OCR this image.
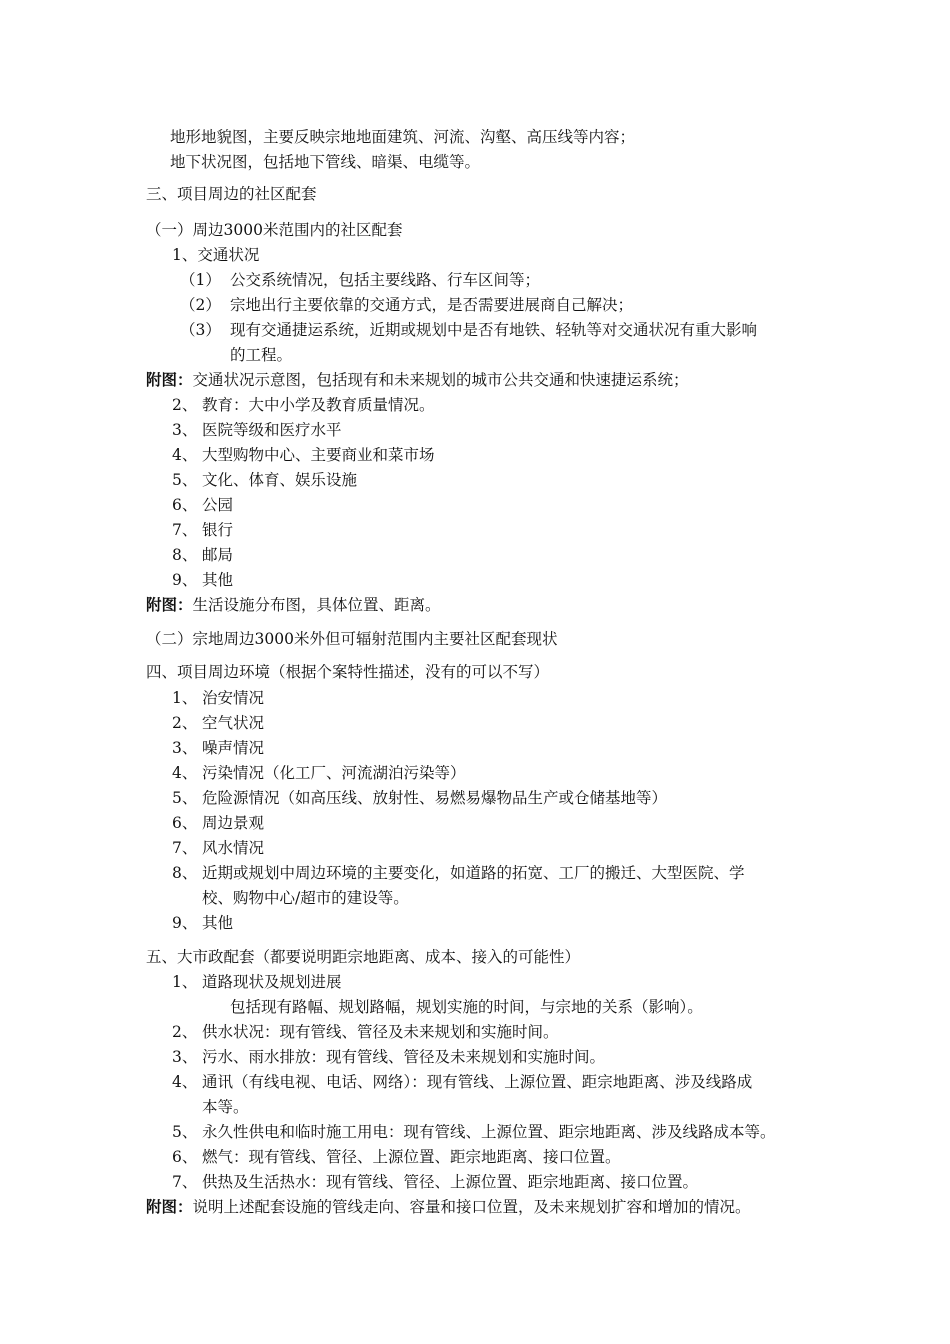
地形地貌图，主要反映宗地地面建筑、河流、沟壑、高压线等内容；
地下状况图，包括地下管线、暗渠、电缆等。
三、项目周边的社区配套
（一）周边3000米范围内的社区配套
1、交通状况
（1） 公交系统情况，包括主要线路、行车区间等；
（2） 宗地出行主要依靠的交通方式，是否需要进展商自己解决；
（3） 现有交通捷运系统，近期或规划中是否有地铁、轻轨等对交通状况有重大影响
的工程。
附图：交通状况示意图，包括现有和未来规划的城市公共交通和快速捷运系统；
2、 教育：大中小学及教育质量情况。
3、 医院等级和医疗水平
4、 大型购物中心、主要商业和菜市场
5、 文化、体育、娱乐设施
6、 公园
7、 银行
8、 邮局
9、 其他
附图：生活设施分布图，具体位置、距离。
（二）宗地周边3000米外但可辐射范围内主要社区配套现状
四、项目周边环境（根据个案特性描述，没有的可以不写）
1、 治安情况
2、 空气状况
3、 噪声情况
4、 污染情况（化工厂、河流湖泊污染等）
5、 危险源情况（如高压线、放射性、易燃易爆物品生产或仓储基地等）
6、 周边景观
7、 风水情况
8、 近期或规划中周边环境的主要变化，如道路的拓宽、工厂的搬迁、大型医院、学
校、购物中心/超市的建设等。
9、 其他
五、大市政配套（都要说明距宗地距离、成本、接入的可能性）
1、 道路现状及规划进展
包括现有路幅、规划路幅，规划实施的时间，与宗地的关系（影响）。
2、 供水状况：现有管线、管径及未来规划和实施时间。
3、 污水、雨水排放：现有管线、管径及未来规划和实施时间。
4、 通讯（有线电视、电话、网络）：现有管线、上源位置、距宗地距离、涉及线路成
本等。
5、 永久性供电和临时施工用电：现有管线、上源位置、距宗地距离、涉及线路成本等。
6、 燃气：现有管线、管径、上源位置、距宗地距离、接口位置。
7、 供热及生活热水：现有管线、管径、上源位置、距宗地距离、接口位置。
附图：说明上述配套设施的管线走向、容量和接口位置，及未来规划扩容和增加的情况。
